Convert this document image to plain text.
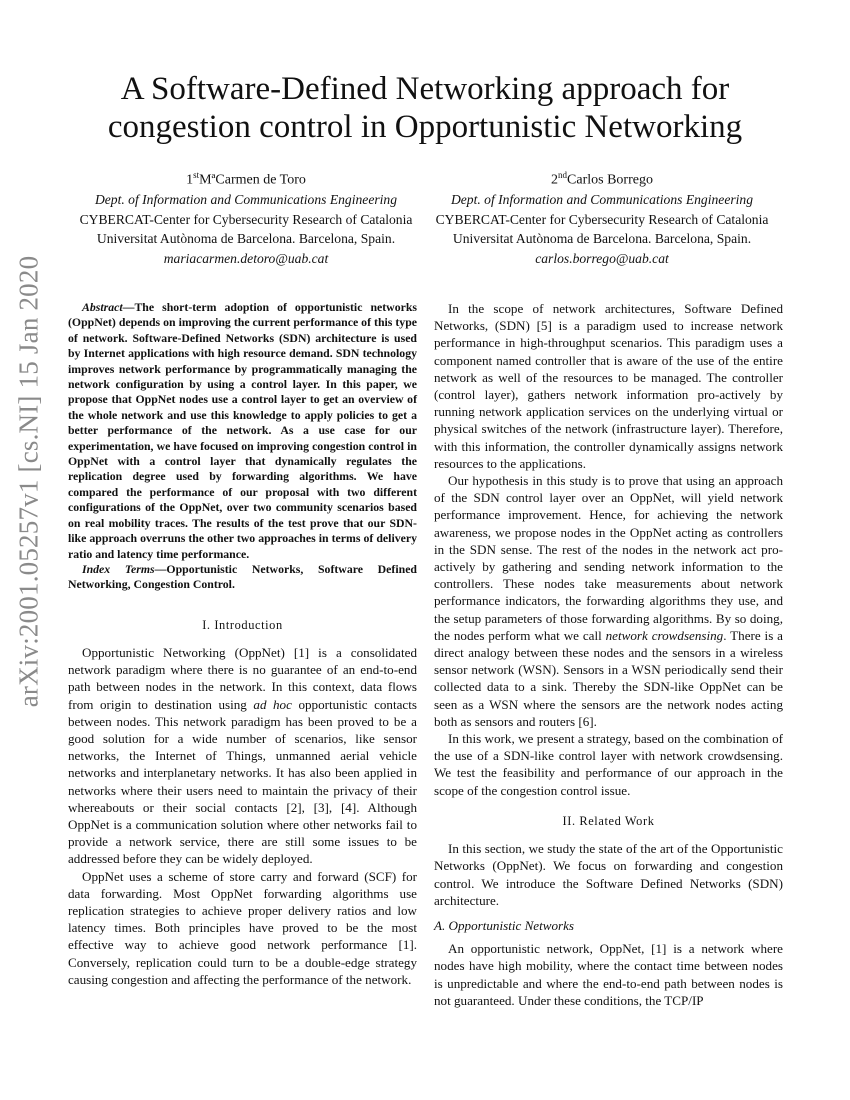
arXiv:2001.05257v1 [cs.NI] 15 Jan 2020
A Software-Defined Networking approach for congestion control in Opportunistic Networking
1stMªCarmen de Toro
Dept. of Information and Communications Engineering
CYBERCAT-Center for Cybersecurity Research of Catalonia
Universitat Autònoma de Barcelona. Barcelona, Spain.
mariacarmen.detoro@uab.cat
2ndCarlos Borrego
Dept. of Information and Communications Engineering
CYBERCAT-Center for Cybersecurity Research of Catalonia
Universitat Autònoma de Barcelona. Barcelona, Spain.
carlos.borrego@uab.cat

Abstract—The short-term adoption of opportunistic networks (OppNet) depends on improving the current performance of this type of network. Software-Defined Networks (SDN) architecture is used by Internet applications with high resource demand. SDN technology improves network performance by programmatically managing the network configuration by using a control layer. In this paper, we propose that OppNet nodes use a control layer to get an overview of the whole network and use this knowledge to apply policies to get a better performance of the network. As a use case for our experimentation, we have focused on improving congestion control in OppNet with a control layer that dynamically regulates the replication degree used by forwarding algorithms. We have compared the performance of our proposal with two different configurations of the OppNet, over two community scenarios based on real mobility traces. The results of the test prove that our SDN-like approach overruns the other two approaches in terms of delivery ratio and latency time performance.

Index Terms—Opportunistic Networks, Software Defined Networking, Congestion Control.

I. Introduction

Opportunistic Networking (OppNet) [1] is a consolidated network paradigm where there is no guarantee of an end-to-end path between nodes in the network. In this context, data flows from origin to destination using ad hoc opportunistic contacts between nodes. This network paradigm has been proved to be a good solution for a wide number of scenarios, like sensor networks, the Internet of Things, unmanned aerial vehicle networks and interplanetary networks. It has also been applied in networks where their users need to maintain the privacy of their whereabouts or their social contacts [2], [3], [4]. Although OppNet is a communication solution where other networks fail to provide a network service, there are still some issues to be addressed before they can be widely deployed.

OppNet uses a scheme of store carry and forward (SCF) for data forwarding. Most OppNet forwarding algorithms use replication strategies to achieve proper delivery ratios and low latency times. Both principles have proved to be the most effective way to achieve good network performance [1]. Conversely, replication could turn to be a double-edge strategy causing congestion and affecting the performance of the network.

In the scope of network architectures, Software Defined Networks, (SDN) [5] is a paradigm used to increase network performance in high-throughput scenarios. This paradigm uses a component named controller that is aware of the use of the entire network as well of the resources to be managed. The controller (control layer), gathers network information pro-actively by running network application services on the underlying virtual or physical switches of the network (infrastructure layer). Therefore, with this information, the controller dynamically assigns network resources to the applications.

Our hypothesis in this study is to prove that using an approach of the SDN control layer over an OppNet, will yield network performance improvement. Hence, for achieving the network awareness, we propose nodes in the OppNet acting as controllers in the SDN sense. The rest of the nodes in the network act pro-actively by gathering and sending network information to the controllers. These nodes take measurements about network performance indicators, the forwarding algorithms they use, and the setup parameters of those forwarding algorithms. By so doing, the nodes perform what we call network crowdsensing. There is a direct analogy between these nodes and the sensors in a wireless sensor network (WSN). Sensors in a WSN periodically send their collected data to a sink. Thereby the SDN-like OppNet can be seen as a WSN where the sensors are the network nodes acting both as sensors and routers [6].

In this work, we present a strategy, based on the combination of the use of a SDN-like control layer with network crowdsensing. We test the feasibility and performance of our approach in the scope of the congestion control issue.

II. Related Work

In this section, we study the state of the art of the Opportunistic Networks (OppNet). We focus on forwarding and congestion control. We introduce the Software Defined Networks (SDN) architecture.

A. Opportunistic Networks

An opportunistic network, OppNet, [1] is a network where nodes have high mobility, where the contact time between nodes is unpredictable and where the end-to-end path between nodes is not guaranteed. Under these conditions, the TCP/IP
